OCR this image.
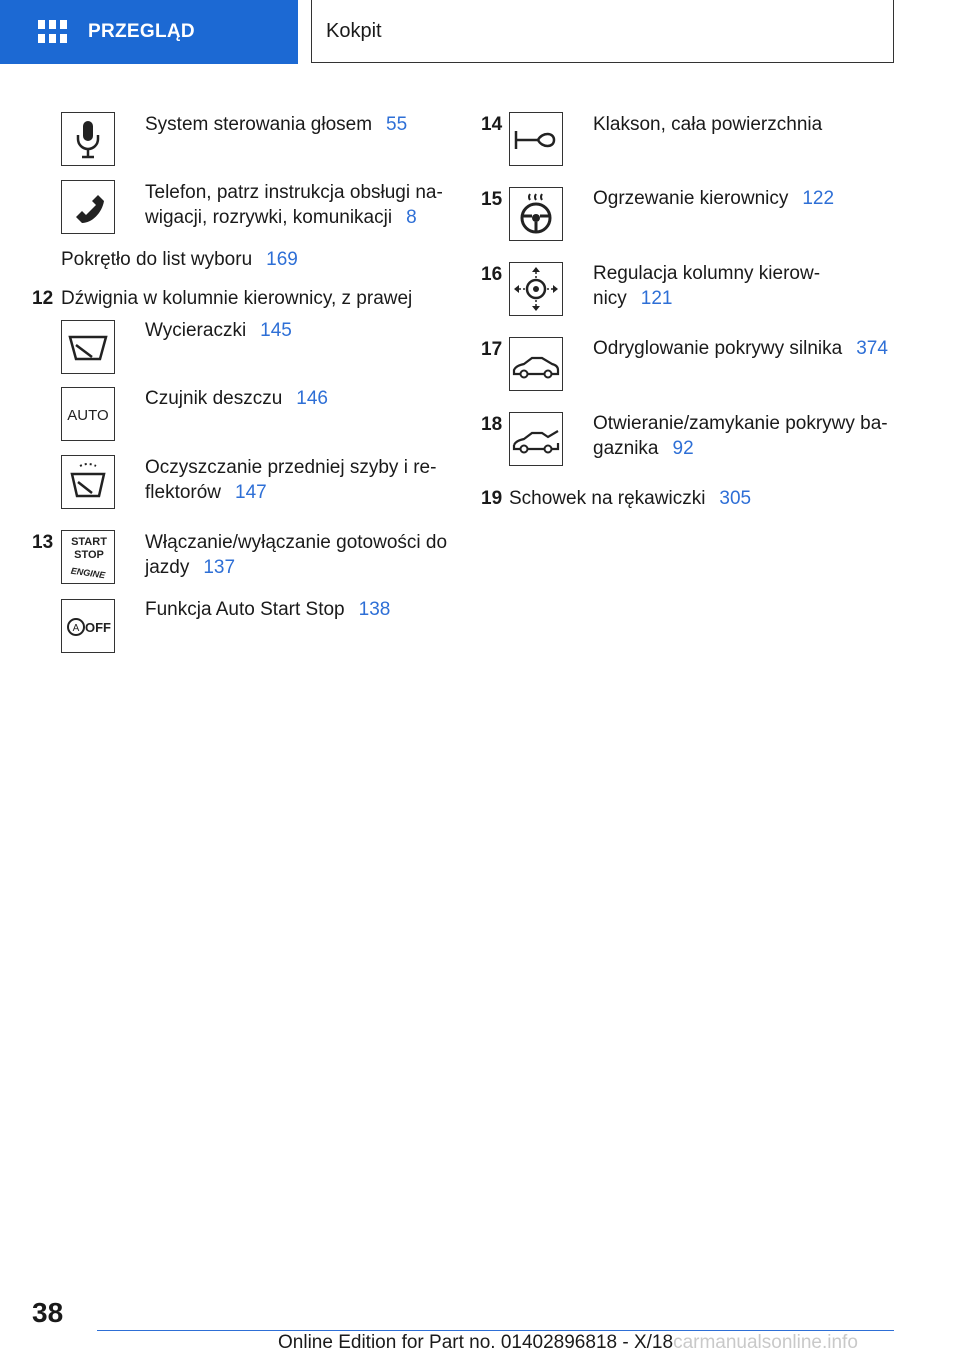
PRZEGLĄD	Kokpit
System sterowania głosem 55
Telefon, patrz instrukcja obsługi na-
wigacji, rozrywki, komunikacji 8
Pokrętło do list wyboru 169
12 Dźwignia w kolumnie kierownicy, z prawej
Wycieraczki 145
AUTO
Czujnik deszczu 146
Oczyszczanie przedniej szyby i re-
flektorów 147
13 START
STOP
ENGINE
Włączanie/wyłączanie gotowości do
jazdy 137
A OFF
Funkcja Auto Start Stop 138
14	Klakson, cała powierzchnia
15	Ogrzewanie kierownicy 122
16	Regulacja kolumny kierow-
nicy 121
17	Odryglowanie pokrywy silnika 374
18	Otwieranie/zamykanie pokrywy ba-
gaznika 92
19 Schowek na rękawiczki 305
38
Online Edition for Part no. 01402896818 - X/18carmanualsonline.info
